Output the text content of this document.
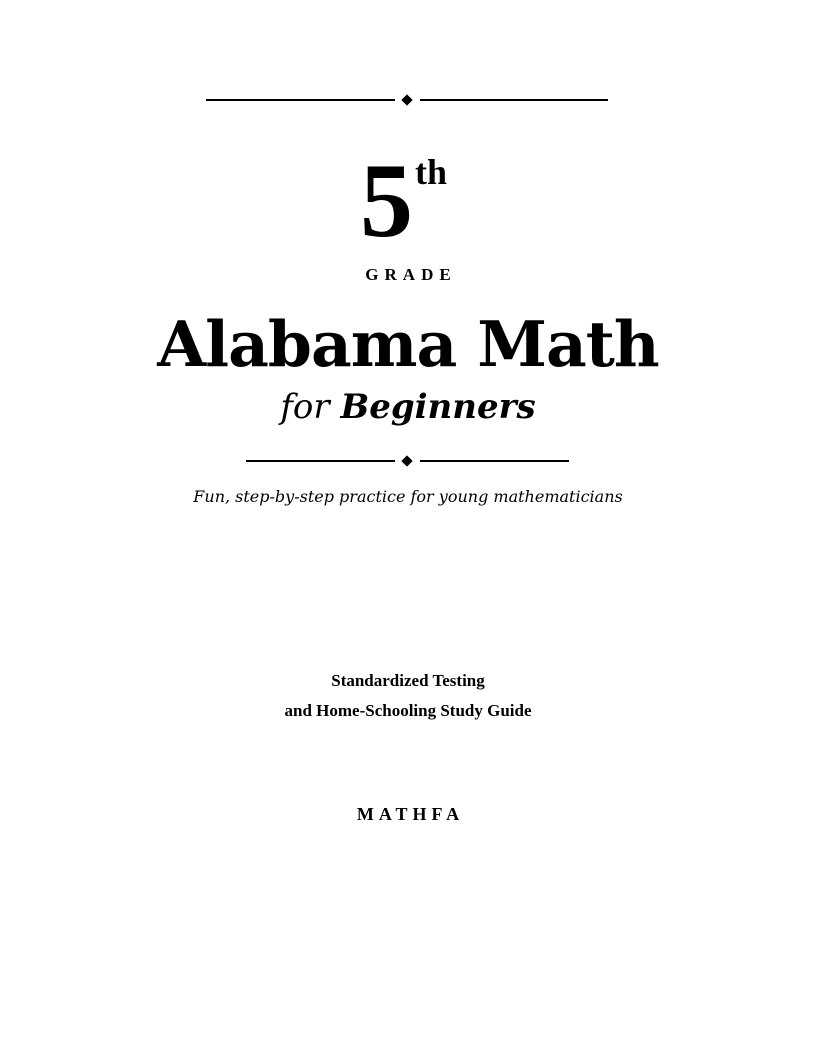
5 th
GRADE
Alabama Math
for Beginners
Fun, step-by-step practice for young mathematicians
Standardized Testing
and Home-Schooling Study Guide
MATHFA
